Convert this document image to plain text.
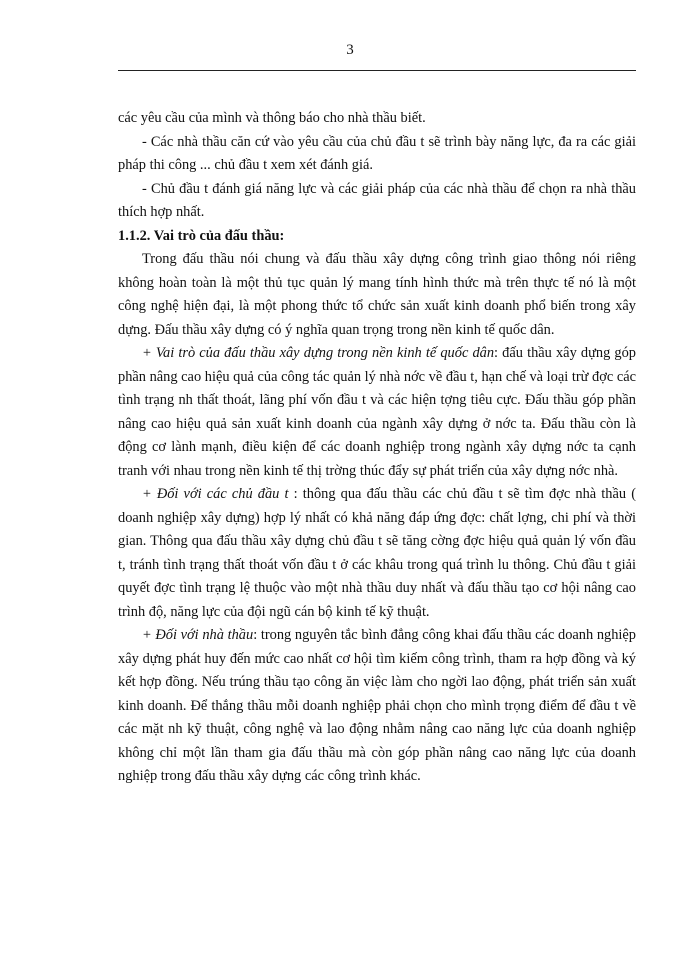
3

các yêu cầu của mình và thông báo cho nhà thầu biết.

- Các nhà thầu căn cứ vào yêu cầu của chủ đầu t sẽ trình bày năng lực, đa ra các giải pháp thi công ... chủ đầu t xem xét đánh giá.

- Chủ đầu t đánh giá năng lực và các giải pháp của các nhà thầu để chọn ra nhà thầu thích hợp nhất.

1.1.2. Vai trò của đấu thầu:

Trong đấu thầu nói chung và đấu thầu xây dựng công trình giao thông nói riêng không hoàn toàn là một thủ tục quản lý mang tính hình thức mà trên thực tế nó là một công nghệ hiện đại, là một phong thức tổ chức sản xuất kinh doanh phổ biến trong xây dựng. Đấu thầu xây dựng có ý nghĩa quan trọng trong nền kinh tế quốc dân.

+ Vai trò của đấu thầu xây dựng trong nền kinh tế quốc dân: đấu thầu xây dựng góp phần nâng cao hiệu quả của công tác quản lý nhà nớc về đầu t, hạn chế và loại trừ đợc các tình trạng nh thất thoát, lãng phí vốn đầu t và các hiện tợng tiêu cực. Đấu thầu góp phần nâng cao hiệu quả sản xuất kinh doanh của ngành xây dựng ở nớc ta. Đấu thầu còn là động cơ lành mạnh, điều kiện để các doanh nghiệp trong ngành xây dựng nớc ta cạnh tranh với nhau trong nền kinh tế thị trờng thúc đẩy sự phát triển của xây dựng nớc nhà.

+ Đối với các chủ đầu t : thông qua đấu thầu các chủ đầu t sẽ tìm đợc nhà thầu ( doanh nghiệp xây dựng) hợp lý nhất có khả năng đáp ứng đợc: chất lợng, chi phí và thời gian. Thông qua đấu thầu xây dựng chủ đầu t sẽ tăng cờng đợc hiệu quả quản lý vốn đầu t, tránh tình trạng thất thoát vốn đầu t ở các khâu trong quá trình lu thông. Chủ đầu t giải quyết đợc tình trạng lệ thuộc vào một nhà thầu duy nhất và đấu thầu tạo cơ hội nâng cao trình độ, năng lực của đội ngũ cán bộ kinh tế kỹ thuật.

+ Đối với nhà thầu: trong nguyên tắc bình đẳng công khai đấu thầu các doanh nghiệp xây dựng phát huy đến mức cao nhất cơ hội tìm kiếm công trình, tham ra hợp đồng và ký kết hợp đồng. Nếu trúng thầu tạo công ăn việc làm cho ngời lao động, phát triển sản xuất kinh doanh. Để thắng thầu mỗi doanh nghiệp phải chọn cho mình trọng điểm để đầu t về các mặt nh kỹ thuật, công nghệ và lao động nhằm nâng cao năng lực của doanh nghiệp không chỉ một lần tham gia đấu thầu mà còn góp phần nâng cao năng lực của doanh nghiệp trong đấu thầu xây dựng các công trình khác.
